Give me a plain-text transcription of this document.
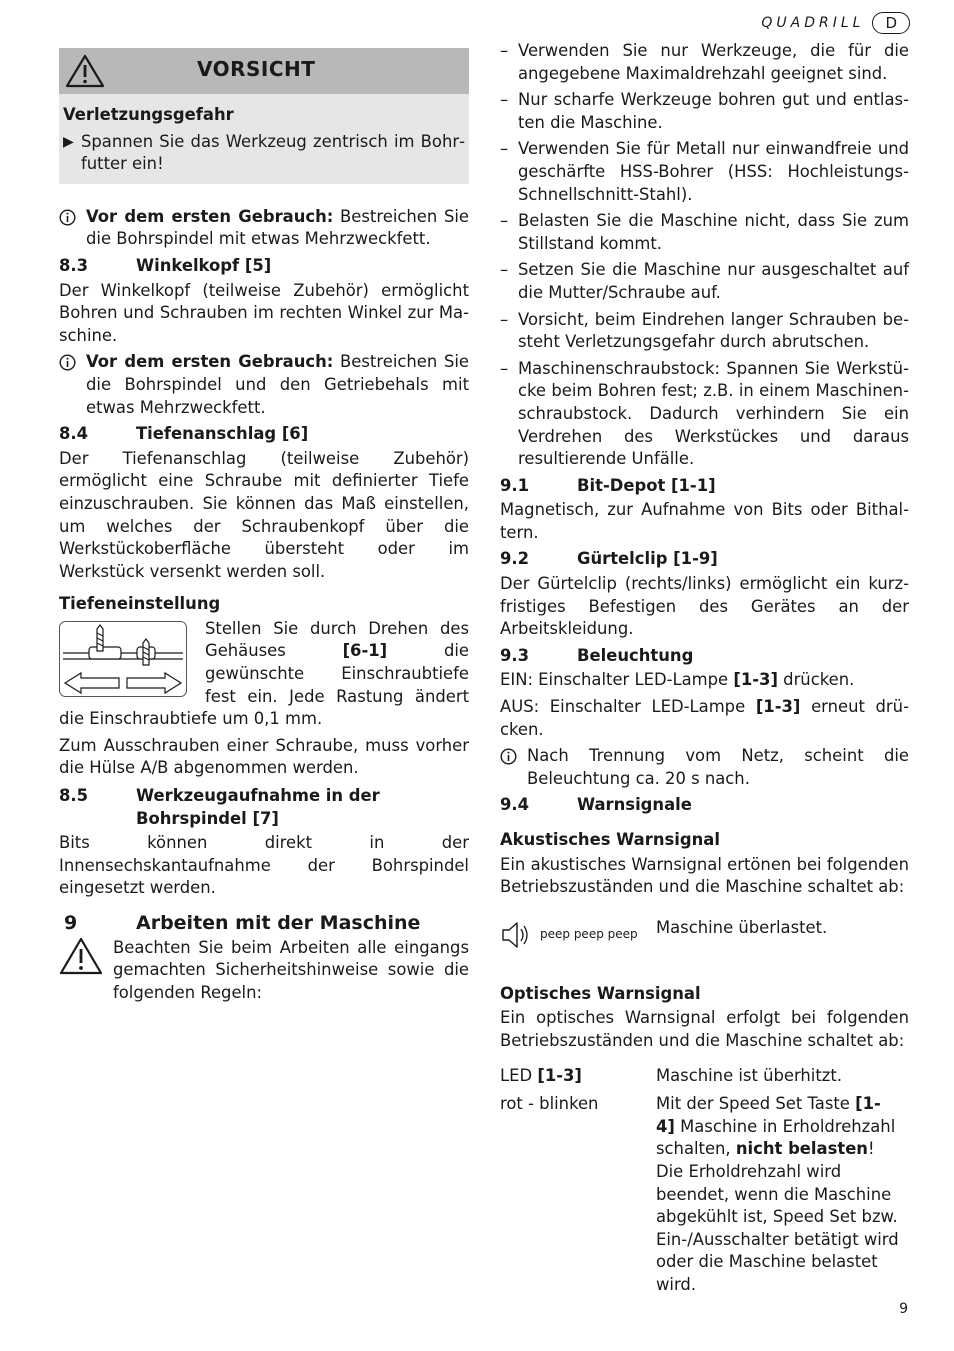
QUADRILL	D
VORSICHT
Verletzungsgefahr
▶ Spannen Sie das Werkzeug zentrisch im Bohrfutter ein!
Vor dem ersten Gebrauch: Bestreichen Sie die Bohrspindel mit etwas Mehrzweckfett.
8.3	Winkelkopf [5]

Der Winkelkopf (teilweise Zubehör) ermöglicht Bohren und Schrauben im rechten Winkel zur Maschine.

Vor dem ersten Gebrauch: Bestreichen Sie die Bohrspindel und den Getriebehals mit etwas Mehrzweckfett.
8.4	Tiefenanschlag [6]

Der Tiefenanschlag (teilweise Zubehör) ermöglicht eine Schraube mit definierter Tiefe einzuschrauben. Sie können das Maß einstellen, um welches der Schraubenkopf über die Werkstückoberfläche übersteht oder im Werkstück versenkt werden soll.

Tiefeneinstellung

Stellen Sie durch Drehen des Gehäuses [6-1] die gewünschte Einschraubtiefe fest ein. Jede Rastung ändert die Einschraubtiefe um 0,1 mm.

Zum Ausschrauben einer Schraube, muss vorher die Hülse A/B abgenommen werden.

8.5	Werkzeugaufnahme in der Bohrspindel [7]

Bits können direkt in der Innensechskantaufnahme der Bohrspindel eingesetzt werden.

9	Arbeiten mit der Maschine

Beachten Sie beim Arbeiten alle eingangs gemachten Sicherheitshinweise sowie die folgenden Regeln:

– Verwenden Sie nur Werkzeuge, die für die angegebene Maximaldrehzahl geeignet sind.
– Nur scharfe Werkzeuge bohren gut und entlasten die Maschine.
– Verwenden Sie für Metall nur einwandfreie und geschärfte HSS-Bohrer (HSS: Hochleistungs-Schnellschnitt-Stahl).
– Belasten Sie die Maschine nicht, dass Sie zum Stillstand kommt.
– Setzen Sie die Maschine nur ausgeschaltet auf die Mutter/Schraube auf.
– Vorsicht, beim Eindrehen langer Schrauben besteht Verletzungsgefahr durch abrutschen.
– Maschinenschraubstock: Spannen Sie Werkstücke beim Bohren fest; z.B. in einem Maschinenschraubstock. Dadurch verhindern Sie ein Verdrehen des Werkstückes und daraus resultierende Unfälle.
9.1	Bit-Depot [1-1]

Magnetisch, zur Aufnahme von Bits oder Bithaltern.

9.2	Gürtelclip [1-9]

Der Gürtelclip (rechts/links) ermöglicht ein kurzfristiges Befestigen des Gerätes an der Arbeitskleidung.

9.3	Beleuchtung

EIN: Einschalter LED-Lampe [1-3] drücken.

AUS: Einschalter LED-Lampe [1-3] erneut drücken.

Nach Trennung vom Netz, scheint die Beleuchtung ca. 20 s nach.
9.4	Warnsignale
Akustisches Warnsignal

Ein akustisches Warnsignal ertönen bei folgenden Betriebszuständen und die Maschine schaltet ab:

peep peep peep Maschine überlastet.
Optisches Warnsignal

Ein optisches Warnsignal erfolgt bei folgenden Betriebszuständen und die Maschine schaltet ab:

LED [1-3]	Maschine ist überhitzt.
rot - blinken	Mit der Speed Set Taste [1-4] Maschine in Erholdrehzahl schalten, nicht belasten! Die Erholdrehzahl wird beendet, wenn die Maschine abgekühlt ist, Speed Set bzw. Ein-/Ausschalter betätigt wird oder die Maschine belastet wird.
9
